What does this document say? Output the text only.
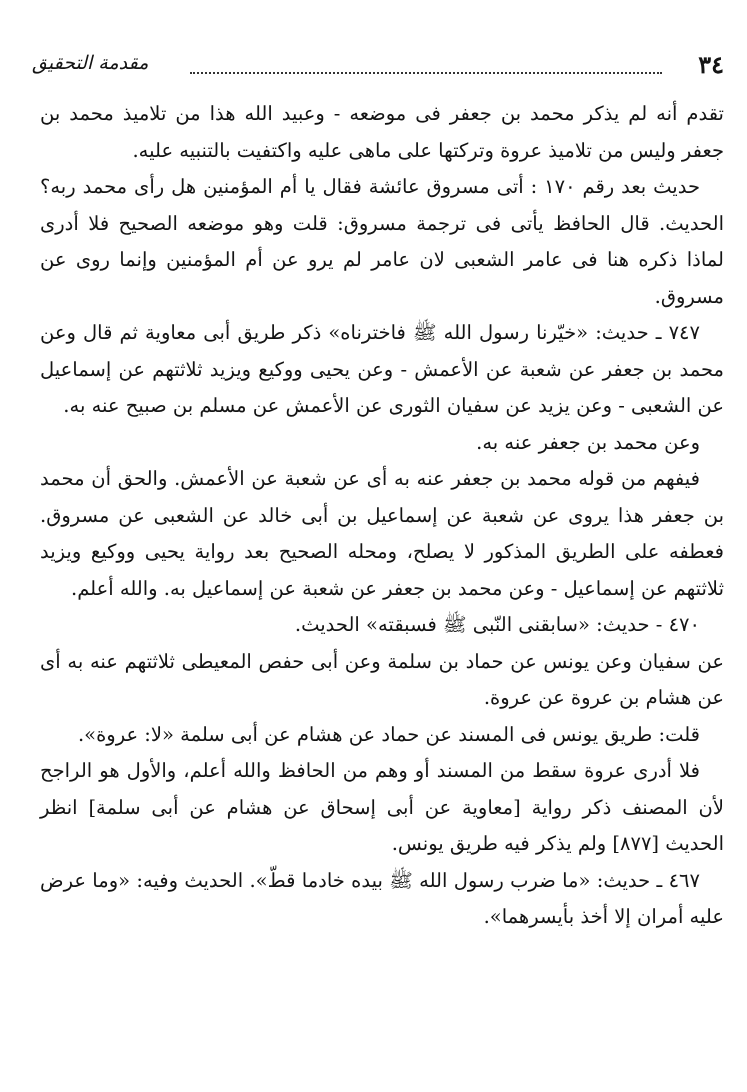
مقدمة التحقيق	٣٤

تقدم أنه لم يذكر محمد بن جعفر فى موضعه - وعبيد الله هذا من تلاميذ محمد بن جعفر وليس من تلاميذ عروة وتركتها على ماهى عليه واكتفيت بالتنبيه عليه.

حديث بعد رقم ١٧٠ : أتى مسروق عائشة فقال يا أم المؤمنين هل رأى محمد ربه؟ الحديث. قال الحافظ يأتى فى ترجمة مسروق: قلت وهو موضعه الصحيح فلا أدرى لماذا ذكره هنا فى عامر الشعبى لان عامر لم يرو عن أم المؤمنين وإنما روى عن مسروق.

٧٤٧ ـ حديث: «خيّرنا رسول الله ﷺ فاخترناه» ذكر طريق أبى معاوية ثم قال وعن محمد بن جعفر عن شعبة عن الأعمش - وعن يحيى ووكيع ويزيد ثلاثتهم عن إسماعيل عن الشعبى - وعن يزيد عن سفيان الثورى عن الأعمش عن مسلم بن صبيح عنه به.

وعن محمد بن جعفر عنه به.

فيفهم من قوله محمد بن جعفر عنه به أى عن شعبة عن الأعمش. والحق أن محمد بن جعفر هذا يروى عن شعبة عن إسماعيل بن أبى خالد عن الشعبى عن مسروق. فعطفه على الطريق المذكور لا يصلح، ومحله الصحيح بعد رواية يحيى ووكيع ويزيد ثلاثتهم عن إسماعيل - وعن محمد بن جعفر عن شعبة عن إسماعيل به. والله أعلم.

٤٧٠ - حديث: «سابقنى النّبى ﷺ فسبقته» الحديث.

عن سفيان وعن يونس عن حماد بن سلمة وعن أبى حفص المعيطى ثلاثتهم عنه به أى عن هشام بن عروة عن عروة.

قلت: طريق يونس فى المسند عن حماد عن هشام عن أبى سلمة «لا: عروة».

فلا أدرى عروة سقط من المسند أو وهم من الحافظ والله أعلم، والأول هو الراجح لأن المصنف ذكر رواية [معاوية عن أبى إسحاق عن هشام عن أبى سلمة] انظر الحديث [٨٧٧] ولم يذكر فيه طريق يونس.

٤٦٧ ـ حديث: «ما ضرب رسول الله ﷺ بيده خادما قطّ». الحديث وفيه: «وما عرض عليه أمران إلا أخذ بأيسرهما».
